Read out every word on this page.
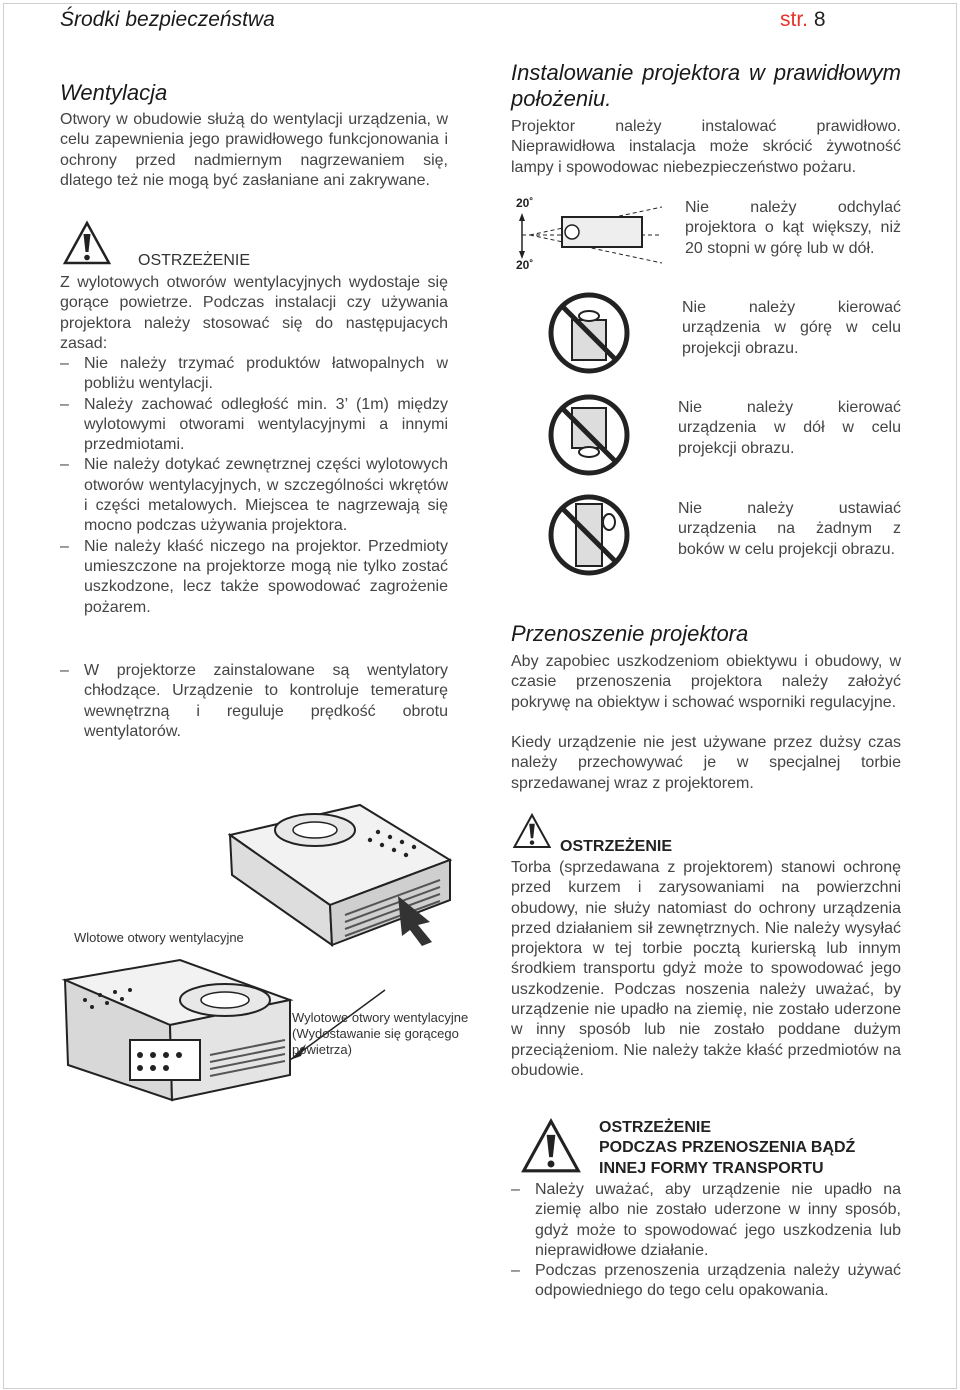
Środki bezpieczeństwa	str. 8
Wentylacja
Otwory w obudowie służą do wentylacji urządzenia, w celu zapewnienia jego prawidłowego funkcjonowania i ochrony przed nadmiernym nagrzewaniem się, dlatego też nie mogą być zasłaniane ani zakrywane.
OSTRZEŻENIE
Z wylotowych otworów wentylacyjnych wydostaje się gorące powietrze. Podczas instalacji czy używania projektora należy stosować się do następujacych zasad:
– Nie należy trzymać produktów łatwopalnych w pobliżu wentylacji.
– Należy zachować odległość min. 3’ (1m) między wylotowymi otworami wentylacyjnymi a innymi przedmiotami.
– Nie należy dotykać zewnętrznej części wylotowych otworów wentylacyjnych, w szczególności wkrętów i części metalowych. Miejscea te nagrzewają się mocno podczas używania projektora.
– Nie należy kłaść niczego na projektor. Przedmioty umieszczone na projektorze mogą nie tylko zostać uszkodzone, lecz także spowodować zagrożenie pożarem.
– W projektorze zainstalowane są wentylatory chłodzące. Urządzenie to kontroluje temeraturę wewnętrzną i reguluje prędkość obrotu wentylatorów.
Wlotowe otwory wentylacyjne
Wylotowe otwory wentylacyjne (Wydostawanie się gorącego powietrza)
Instalowanie projektora w prawidłowym położeniu.
Projektor należy instalować prawidłowo. Nieprawidłowa instalacja może skrócić żywotność lampy i spowodowac niebezpieczeństwo pożaru.
20˚
20˚
Nie należy odchylać projektora o kąt większy, niż 20 stopni w górę lub w dół.
Nie należy kierować urządzenia w górę w celu projekcji obrazu.
Nie należy kierować urządzenia w dół w celu projekcji obrazu.
Nie należy ustawiać urządzenia na żadnym z boków w celu projekcji obrazu.
Przenoszenie projektora
Aby zapobiec uszkodzeniom obiektywu i obudowy, w czasie przenoszenia projektora należy założyć pokrywę na obiektyw i schować wsporniki regulacyjne.
Kiedy urządzenie nie jest używane przez dużsy czas należy przechowywać je w specjalnej torbie sprzedawanej wraz z projektorem.
OSTRZEŻENIE
Torba (sprzedawana z projektorem) stanowi ochronę przed kurzem i zarysowaniami na powierzchni obudowy, nie służy natomiast do ochrony urządzenia przed działaniem sił zewnętrznych. Nie należy wysyłać projektora w tej torbie pocztą kurierską lub innym środkiem transportu gdyż może to spowodować jego uszkodzenie. Podczas noszenia należy uważać, by urządzenie nie upadło na ziemię, nie zostało uderzone w inny sposób lub nie zostało poddane dużym przeciążeniom. Nie należy także kłaść przedmiotów na obudowie.
OSTRZEŻENIE
PODCZAS PRZENOSZENIA BĄDŹ
INNEJ FORMY TRANSPORTU
– Należy uważać, aby urządzenie nie upadło na ziemię albo nie zostało uderzone w inny sposób, gdyż może to spowodować jego uszkodzenia lub nieprawidłowe działanie.
– Podczas przenoszenia urządzenia należy używać odpowiedniego do tego celu opakowania.
